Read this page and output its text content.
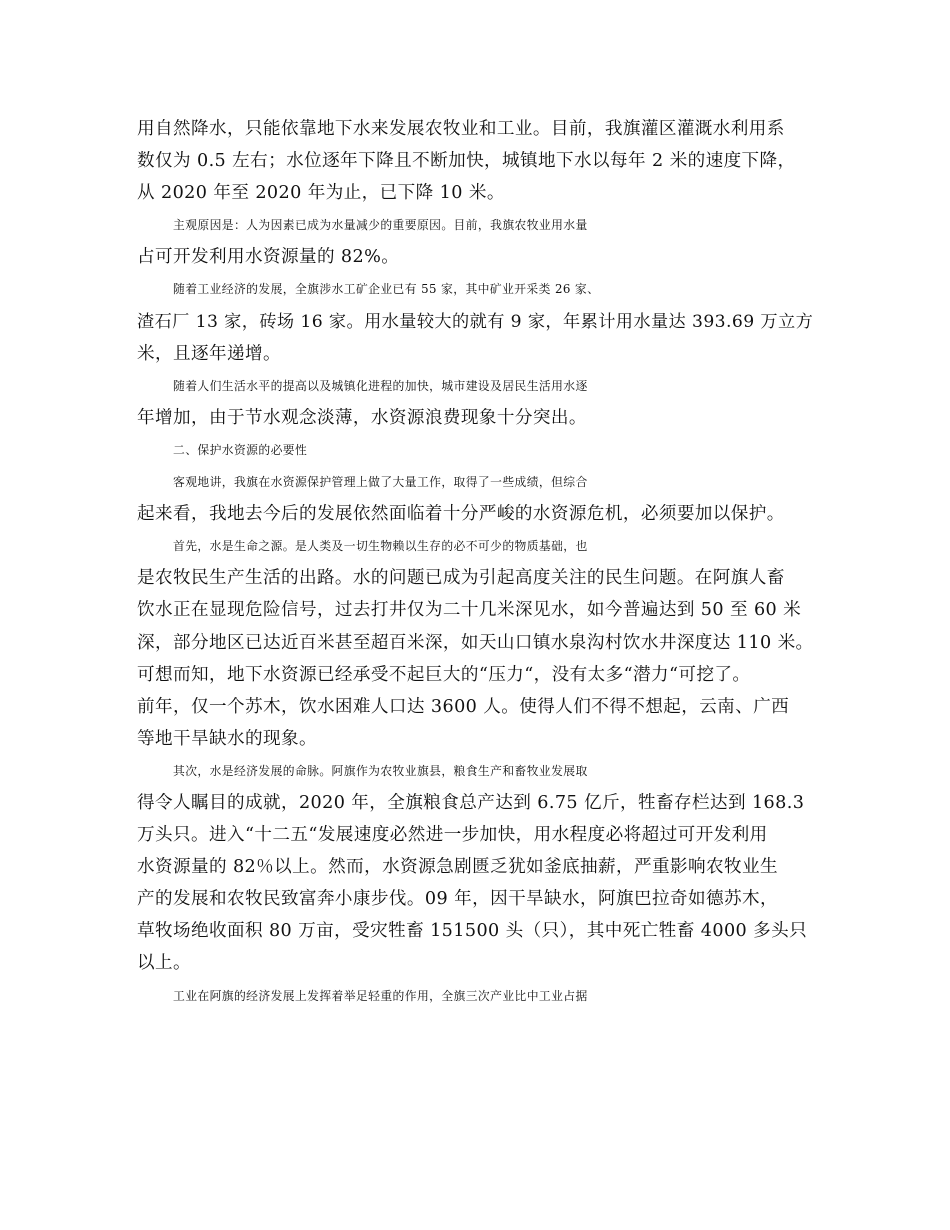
用自然降水，只能依靠地下水来发展农牧业和工业。目前，我旗灌区灌溉水利用系
数仅为 0.5 左右；水位逐年下降且不断加快，城镇地下水以每年 2 米的速度下降，
从 2020 年至 2020 年为止，已下降 10 米。
主观原因是：人为因素已成为水量减少的重要原因。目前，我旗农牧业用水量
占可开发利用水资源量的 82%。
随着工业经济的发展，全旗涉水工矿企业已有 55 家，其中矿业开采类 26 家、
渣石厂 13 家，砖场 16 家。用水量较大的就有 9 家，年累计用水量达 393.69 万立方
米，且逐年递增。
随着人们生活水平的提高以及城镇化进程的加快，城市建设及居民生活用水逐
年增加，由于节水观念淡薄，水资源浪费现象十分突出。
二、保护水资源的必要性
客观地讲，我旗在水资源保护管理上做了大量工作，取得了一些成绩，但综合
起来看，我地去今后的发展依然面临着十分严峻的水资源危机，必须要加以保护。
首先，水是生命之源。是人类及一切生物赖以生存的必不可少的物质基础，也
是农牧民生产生活的出路。水的问题已成为引起高度关注的民生问题。在阿旗人畜
饮水正在显现危险信号，过去打井仅为二十几米深见水，如今普遍达到 50 至 60 米
深，部分地区已达近百米甚至超百米深，如天山口镇水泉沟村饮水井深度达 110 米。
可想而知，地下水资源已经承受不起巨大的“压力“，没有太多“潜力“可挖了。
前年，仅一个苏木，饮水困难人口达 3600 人。使得人们不得不想起，云南、广西
等地干旱缺水的现象。
其次，水是经济发展的命脉。阿旗作为农牧业旗县，粮食生产和畜牧业发展取
得令人瞩目的成就，2020 年，全旗粮食总产达到 6.75 亿斤，牲畜存栏达到 168.3
万头只。进入“十二五“发展速度必然进一步加快，用水程度必将超过可开发利用
水资源量的 82％以上。然而，水资源急剧匮乏犹如釜底抽薪，严重影响农牧业生
产的发展和农牧民致富奔小康步伐。09 年，因干旱缺水，阿旗巴拉奇如德苏木，
草牧场绝收面积 80 万亩，受灾牲畜 151500 头（只），其中死亡牲畜 4000 多头只
以上。
工业在阿旗的经济发展上发挥着举足轻重的作用，全旗三次产业比中工业占据
